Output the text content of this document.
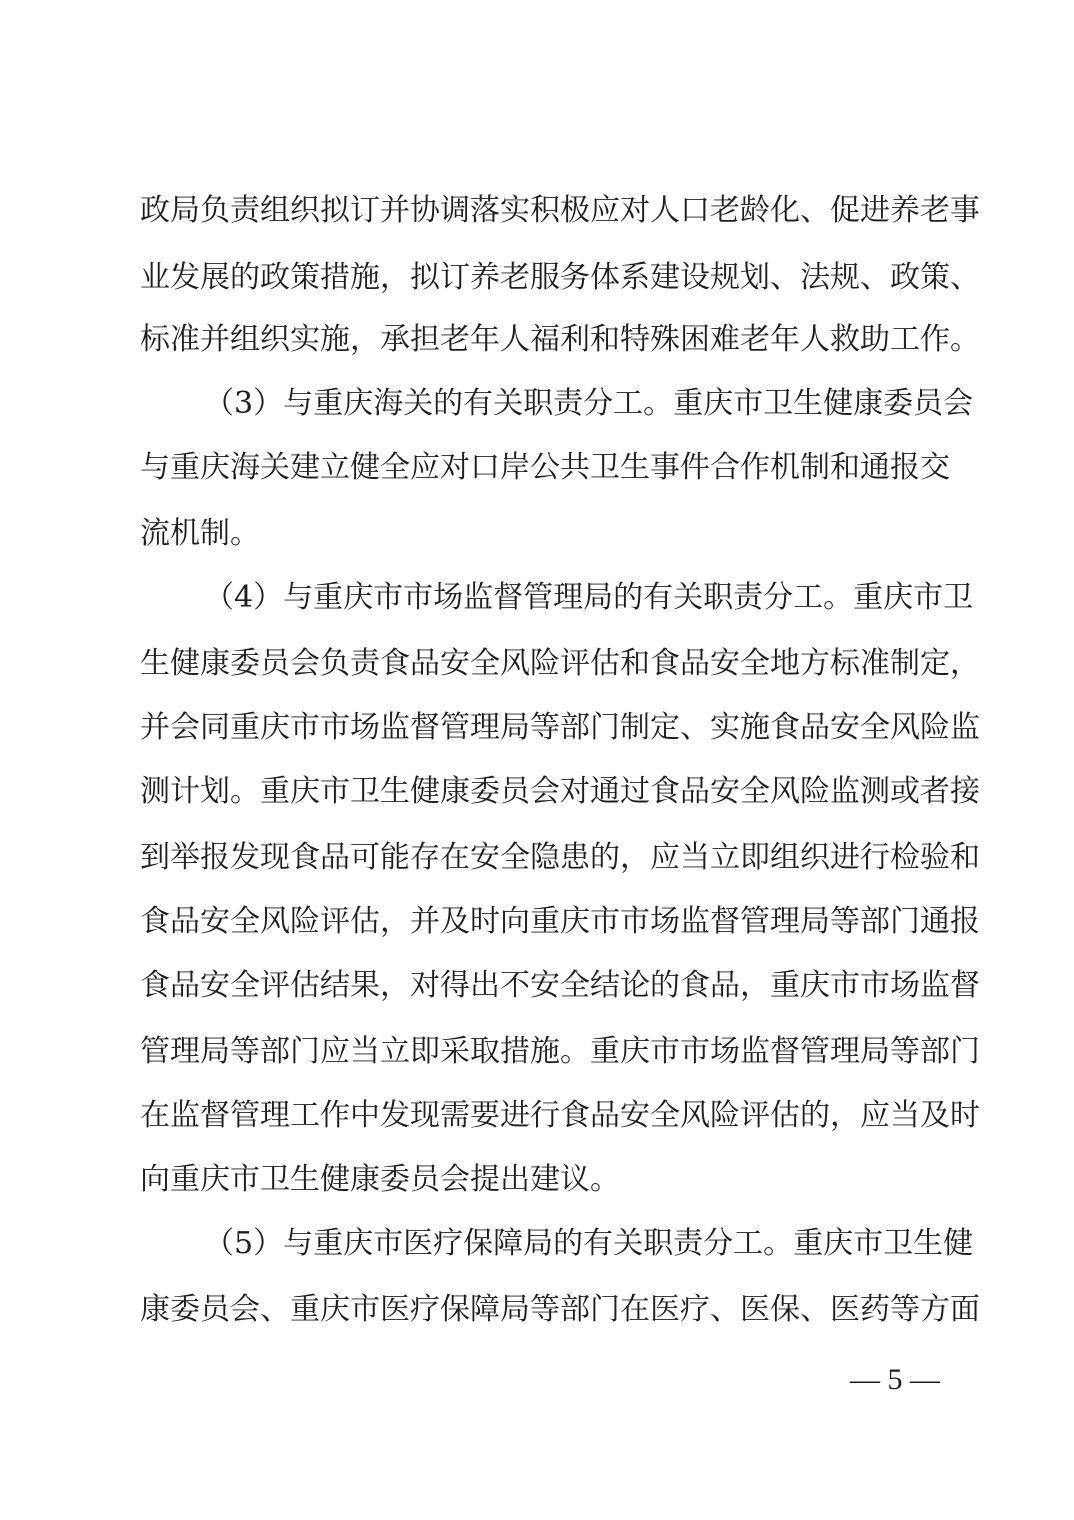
政局负责组织拟订并协调落实积极应对人口老龄化、促进养老事
业发展的政策措施，拟订养老服务体系建设规划、法规、政策、
标准并组织实施，承担老年人福利和特殊困难老年人救助工作。
（3）与重庆海关的有关职责分工。重庆市卫生健康委员会
与重庆海关建立健全应对口岸公共卫生事件合作机制和通报交
流机制。
（4）与重庆市市场监督管理局的有关职责分工。重庆市卫
生健康委员会负责食品安全风险评估和食品安全地方标准制定，
并会同重庆市市场监督管理局等部门制定、实施食品安全风险监
测计划。重庆市卫生健康委员会对通过食品安全风险监测或者接
到举报发现食品可能存在安全隐患的，应当立即组织进行检验和
食品安全风险评估，并及时向重庆市市场监督管理局等部门通报
食品安全评估结果，对得出不安全结论的食品，重庆市市场监督
管理局等部门应当立即采取措施。重庆市市场监督管理局等部门
在监督管理工作中发现需要进行食品安全风险评估的，应当及时
向重庆市卫生健康委员会提出建议。
（5）与重庆市医疗保障局的有关职责分工。重庆市卫生健
康委员会、重庆市医疗保障局等部门在医疗、医保、医药等方面
— 5 —
